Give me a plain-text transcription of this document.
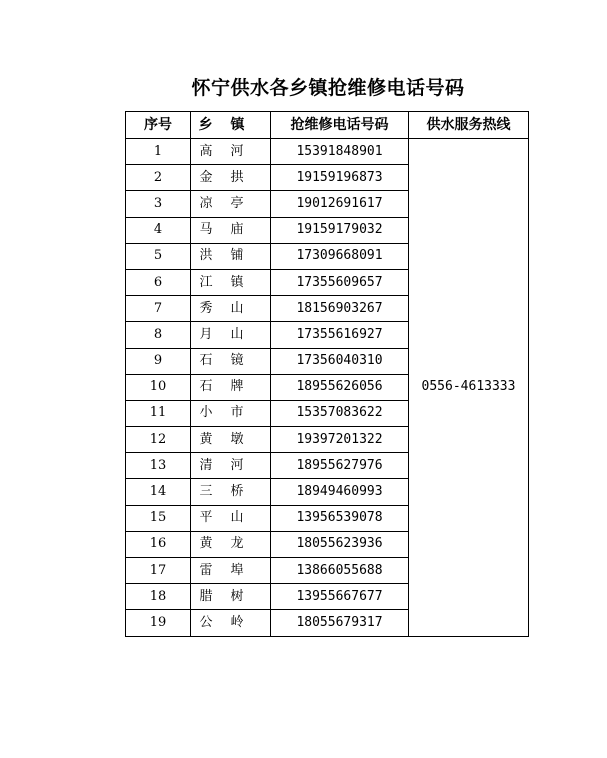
怀宁供水各乡镇抢维修电话号码
序号	乡镇	抢维修电话号码	供水服务热线
1	高河	15391848901	0556-4613333
2	金拱	19159196873	
3	凉亭	19012691617	
4	马庙	19159179032	
5	洪铺	17309668091	
6	江镇	17355609657	
7	秀山	18156903267	
8	月山	17355616927	
9	石镜	17356040310	
10	石牌	18955626056	
11	小市	15357083622	
12	黄墩	19397201322	
13	清河	18955627976	
14	三桥	18949460993	
15	平山	13956539078	
16	黄龙	18055623936	
17	雷埠	13866055688	
18	腊树	13955667677	
19	公岭	18055679317	
